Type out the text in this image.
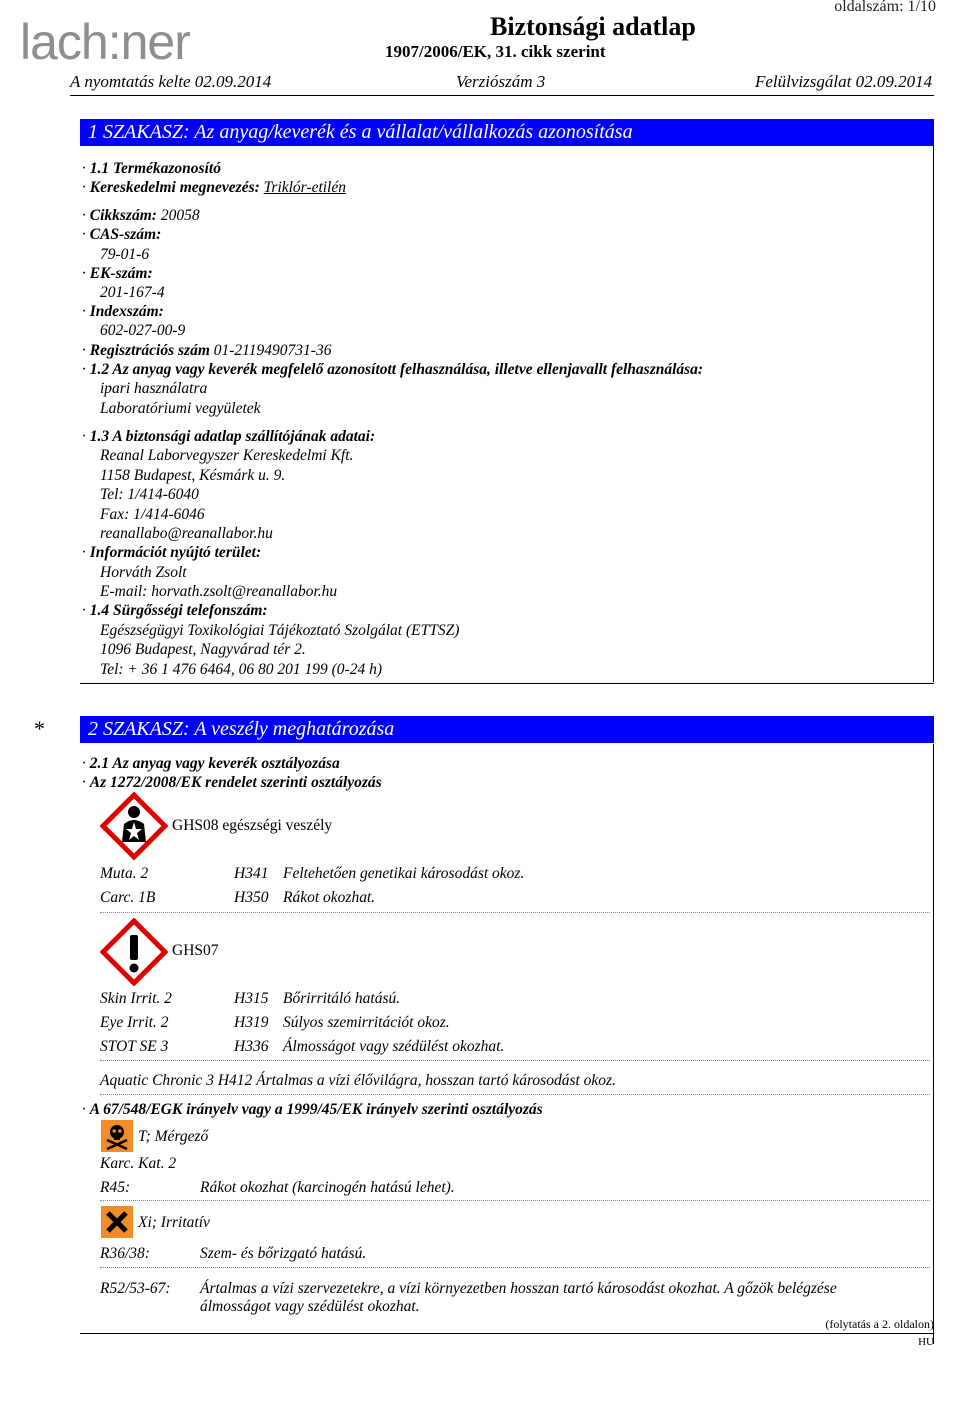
lach:ner
oldalszám: 1/10
Biztonsági adatlap
1907/2006/EK, 31. cikk szerint
A nyomtatás kelte 02.09.2014	Verziószám 3	Felülvizsgálat 02.09.2014
1 SZAKASZ: Az anyag/keverék és a vállalat/vállalkozás azonosítása
· 1.1 Termékazonosító
· Kereskedelmi megnevezés: Triklór-etilén
· Cikkszám: 20058
· CAS-szám:
79-01-6
· EK-szám:
201-167-4
· Indexszám:
602-027-00-9
· Regisztrációs szám 01-2119490731-36
· 1.2 Az anyag vagy keverék megfelelő azonosított felhasználása, illetve ellenjavallt felhasználása:
ipari használatra
Laboratóriumi vegyületek
· 1.3 A biztonsági adatlap szállítójának adatai:
Reanal Laborvegyszer Kereskedelmi Kft.
1158 Budapest, Késmárk u. 9.
Tel: 1/414-6040
Fax: 1/414-6046
reanallabo@reanallabor.hu
· Információt nyújtó terület:
Horváth Zsolt
E-mail: horvath.zsolt@reanallabor.hu
· 1.4 Sürgősségi telefonszám:
Egészségügyi Toxikológiai Tájékoztató Szolgálat (ETTSZ)
1096 Budapest, Nagyvárad tér 2.
Tel: + 36 1 476 6464, 06 80 201 199 (0-24 h)
*	2 SZAKASZ: A veszély meghatározása
· 2.1 Az anyag vagy keverék osztályozása
· Az 1272/2008/EK rendelet szerinti osztályozás
GHS08 egészségi veszély
Muta. 2	H341 Feltehetően genetikai károsodást okoz.
Carc. 1B	H350 Rákot okozhat.
GHS07
Skin Irrit. 2	H315 Bőrirritáló hatású.
Eye Irrit. 2	H319 Súlyos szemirritációt okoz.
STOT SE 3	H336 Álmosságot vagy szédülést okozhat.
Aquatic Chronic 3 H412 Ártalmas a vízi élővilágra, hosszan tartó károsodást okoz.
· A 67/548/EGK irányelv vagy a 1999/45/EK irányelv szerinti osztályozás
T; Mérgező
Karc. Kat. 2
R45:	Rákot okozhat (karcinogén hatású lehet).
Xi; Irritatív
R36/38:	Szem- és bőrizgató hatású.
R52/53-67: Ártalmas a vízi szervezetekre, a vízi környezetben hosszan tartó károsodást okozhat. A gőzök belégzése
álmosságot vagy szédülést okozhat.
(folytatás a 2. oldalon)
HU
